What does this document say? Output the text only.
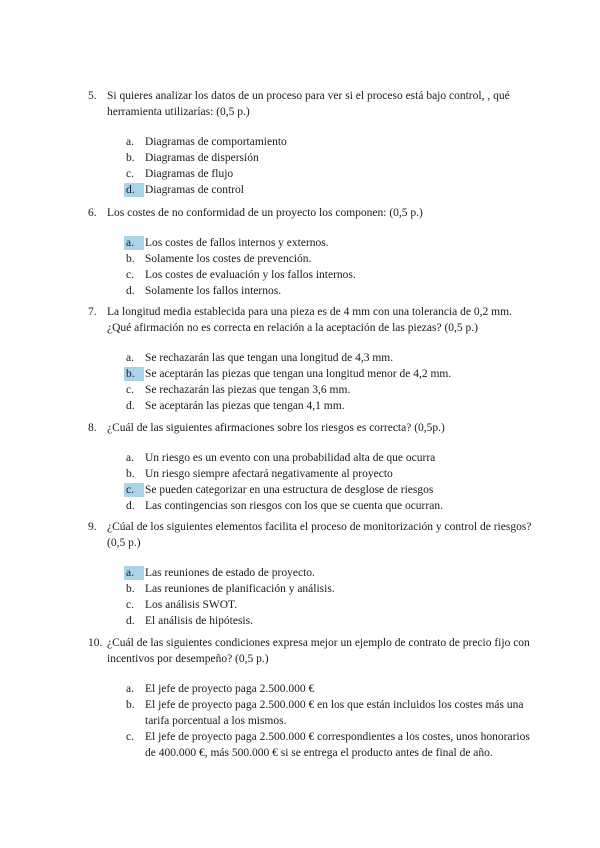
5. Si quieres analizar los datos de un proceso para ver si el proceso está bajo control, , qué herramienta utilizarías: (0,5 p.)
a. Diagramas de comportamiento
b. Diagramas de dispersión
c. Diagramas de flujo
d. Diagramas de control
6. Los costes de no conformidad de un proyecto los componen: (0,5 p.)
a. Los costes de fallos internos y externos.
b. Solamente los costes de prevención.
c. Los costes de evaluación y los fallos internos.
d. Solamente los fallos internos.
7. La longitud media establecida para una pieza es de 4 mm con una tolerancia de 0,2 mm. ¿Qué afirmación no es correcta en relación a la aceptación de las piezas? (0,5 p.)
a. Se rechazarán las que tengan una longitud de 4,3 mm.
b. Se aceptarán las piezas que tengan una longitud menor de 4,2 mm.
c. Se rechazarán las piezas que tengan 3,6 mm.
d. Se aceptarán las piezas que tengan 4,1 mm.
8. ¿Cuál de las siguientes afirmaciones sobre los riesgos es correcta? (0,5p.)
a. Un riesgo es un evento con una probabilidad alta de que ocurra
b. Un riesgo siempre afectará negativamente al proyecto
c. Se pueden categorizar en una estructura de desglose de riesgos
d. Las contingencias son riesgos con los que se cuenta que ocurran.
9. ¿Cúal de los siguientes elementos facilita el proceso de monitorización y control de riesgos? (0,5 p.)
a. Las reuniones de estado de proyecto.
b. Las reuniones de planificación y análisis.
c. Los análisis SWOT.
d. El análisis de hipótesis.
10. ¿Cuál de las siguientes condiciones expresa mejor un ejemplo de contrato de precio fijo con incentivos por desempeño? (0,5 p.)
a. El jefe de proyecto paga 2.500.000 €
b. El jefe de proyecto paga 2.500.000 € en los que están incluidos los costes más una tarifa porcentual a los mismos.
c. El jefe de proyecto paga 2.500.000 € correspondientes a los costes, unos honorarios de 400.000 €, más 500.000 € si se entrega el producto antes de final de año.
